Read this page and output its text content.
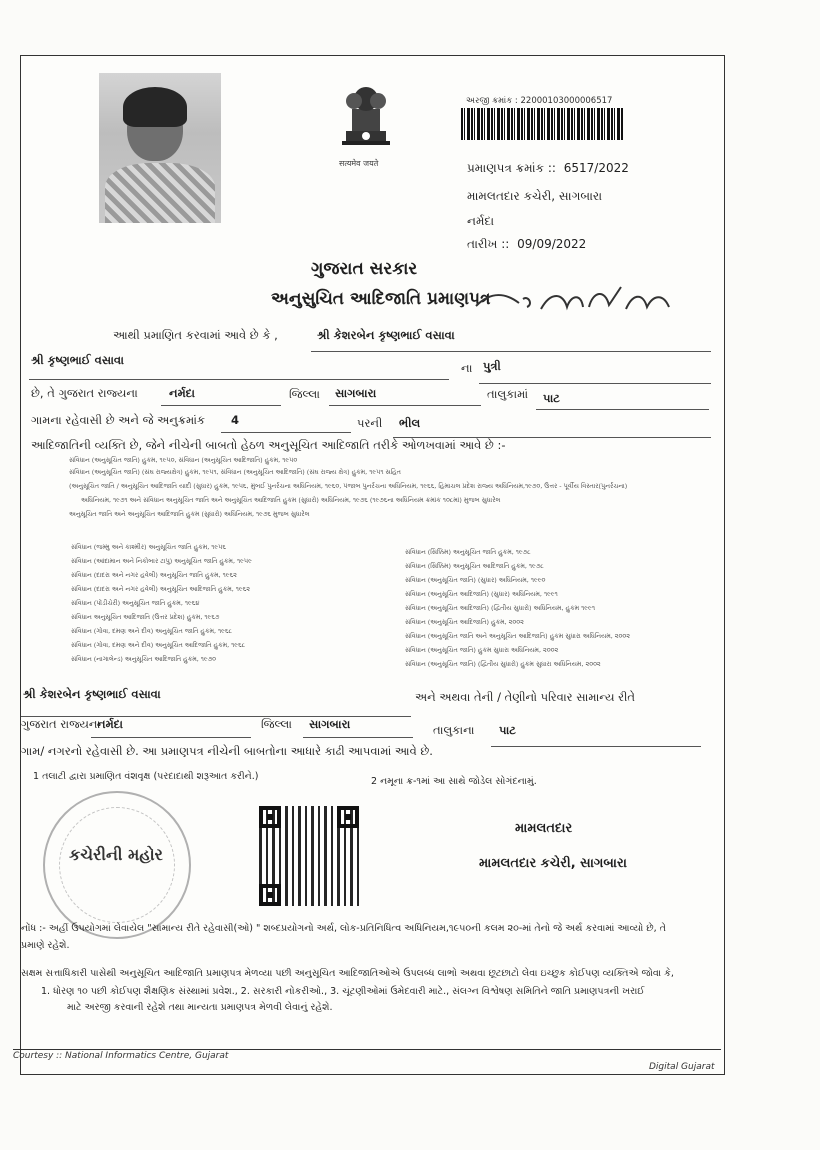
सत्यमेव जयते
અરજી ક્રમાંક : 22000103000006517
પ્રમાણપત્ર ક્રમાંક :: 6517/2022
મામલતદાર કચેરી, સાગબારા
નર્મદા
તારીખ :: 09/09/2022
ગુજરાત સરકાર
અનુસુચિત આદિજાતિ પ્રમાણપત્ર
આથી પ્રમાણિત કરવામાં આવે છે કે ,	શ્રી કેશરબેન કૃષ્ણભાઈ વસાવા
શ્રી કૃષ્ણભાઈ વસાવા
ના પુત્રી
છે, તે ગુજરાત રાજ્યના	નર્મદા	જિલ્લા સાગબારા	તાલુકામાં પાટ
ગામના રહેવાસી છે અને જે અનુક્રમાંક 4	પરની ભીલ
આદિજાતિની વ્યક્તિ છે, જેને નીચેની બાબતો હેઠળ અનુસૂચિત આદિજાતિ તરીકે ઓળખવામાં આવે છે :-
સંવિધાન (અનુસૂચિત જાતિ) હુકમ, ૧૯૫૦, સંવિધાન (અનુસૂચિત આદિજાતિ) હુકમ, ૧૯૫૦
સંવિધાન (અનુસૂચિત જાતિ) (સંઘ રાજ્યક્ષેત્ર) હુકમ, ૧૯૫૧, સંવિધાન (અનુસૂચિત આદિજાતિ) (સંઘ રાજ્ય ક્ષેત્ર) હુકમ, ૧૯૫૧ સહિત
(અનુસૂચિત જાતિ / અનુસૂચિત આદિજાતિ યાદી (સુધાર) હુકમ, ૧૯૫૬, મુંબઈ પુનર્રચના અધિનિયમ, ૧૯૬૦, પંજાબ પુનર્રચના અધિનિયમ, ૧૯૬૬, હિમાચલ પ્રદેશ રાજ્ય અધિનિયમ,૧૯૭૦, ઉત્તર - પૂર્વીય વિસ્તાર(પુનર્રચના)
અધિનિયમ, ૧૯૭૧ અને સંવિધાન અનુસૂચિત જાતિ અને અનુસૂચિત આદિજાતિ હુકમ (સુધારો) અધિનિયમ, ૧૯૭૬ (૧૯૭૬ના અધિનિયમ ક્રમાંક ૧૦૮માં) મુજબ સુધારેલ
અનુસૂચિત જાતિ અને અનુસૂચિત આદિજાતિ હુકમ (સુધારો) અધિનિયમ, ૧૯૭૬ મુજબ સુધારેલ
સંવિધાન (જમ્મુ અને કાશ્મીર) અનુસૂચિત જાતિ હુકમ, ૧૯૫૬
સંવિધાન (આંદામાન અને નિકોબાર ટાપુ) અનુસૂચિત જાતિ હુકમ, ૧૯૫૯
સંવિધાન (દાદરા અને નગર હવેલી) અનુસૂચિત જાતિ હુકમ, ૧૯૬૨
સંવિધાન (દાદરા અને નગર હવેલી) અનુસૂચિત આદિજાતિ હુકમ, ૧૯૬૨
સંવિધાન (પોંડીચેરી) અનુસૂચિત જાતિ હુકમ, ૧૯૬૪
સંવિધાન અનુસૂચિત આદિજાતિ (ઉત્તર પ્રદેશ) હુકમ, ૧૯૬૭
સંવિધાન (ગોવા, દમણ અને દીવ) અનુસૂચિત જાતિ હુકમ, ૧૯૬૮
સંવિધાન (ગોવા, દમણ અને દીવ) અનુસૂચિત આદિજાતિ હુકમ, ૧૯૬૮
સંવિધાન (નાગાલેન્ડ) અનુસૂચિત આદિજાતિ હુકમ, ૧૯૭૦
સંવિધાન (સિક્કિમ) અનુસૂચિત જાતિ હુકમ, ૧૯૭૮
સંવિધાન (સિક્કિમ) અનુસૂચિત આદિજાતિ હુકમ, ૧૯૭૮
સંવિધાન (અનુસૂચિત જાતિ) (સુધાર) અધિનિયમ, ૧૯૯૦
સંવિધાન (અનુસૂચિત આદિજાતિ) (સુધાર) અધિનિયમ, ૧૯૯૧
સંવિધાન (અનુસૂચિત આદિજાતિ) (દ્વિતીય સુધારો) અધિનિયમ, હુકમ ૧૯૯૧
સંવિધાન (અનુસૂચિત આદિજાતિ) હુકમ, ૨૦૦૨
સંવિધાન (અનુસૂચિત જાતિ અને અનુસૂચિત આદિજાતિ) હુકમ સુધારા અધિનિયમ, ૨૦૦૨
સંવિધાન (અનુસૂચિત જાતિ) હુકમ સુધારા અધિનિયમ, ૨૦૦૨
સંવિધાન (અનુસૂચિત જાતિ) (દ્વિતીય સુધારો) હુકમ સુધારા અધિનિયમ, ૨૦૦૨
શ્રી કેશરબેન કૃષ્ણભાઈ વસાવા	અને અથવા તેની / તેણીનો પરિવાર સામાન્ય રીતે
ગુજરાત રાજ્યના
નર્મદા	જિલ્લા સાગબારા	તાલુકાના પાટ
ગામ/ નગરનો રહેવાસી છે. આ પ્રમાણપત્ર નીચેની બાબતોના આધારે કાઢી આપવામાં આવે છે.
1 તલાટી દ્વારા પ્રમાણિત વંશવૃક્ષ (પરદાદાથી શરૂઆત કરીને.)	2 નમૂના ક્ર-૧માં આ સાથે જોડેલ સોગંદનામું.
કચેરીની મહોર
મામલતદાર
મામલતદાર કચેરી, સાગબારા
નોંધ :- અહીં ઉપયોગમાં લેવાયેલ "સામાન્ય રીતે રહેવાસી(ઓ) " શબ્દપ્રયોગનો અર્થ, લોક-પ્રતિનિધિત્વ અધિનિયમ,૧૯૫૦ની કલમ ૨૦-માં તેનો જે અર્થ કરવામાં આવ્યો છે, તે
પ્રમાણે રહેશે.
સક્ષમ સત્તાધિકારી પાસેથી અનુસૂચિત આદિજાતિ પ્રમાણપત્ર મેળવ્યા પછી અનુસૂચિત આદિજાતિઓએ ઉપલબ્ધ લાભો અથવા છૂટછાટો લેવા ઇચ્છુક કોઈપણ વ્યક્તિએ જોવા કે,
1. ધોરણ ૧૦ પછી કોઈપણ શૈક્ષણિક સંસ્થામાં પ્રવેશ., 2. સરકારી નોકરીઓ., 3. ચૂંટણીઓમાં ઉમેદવારી માટે., સંલગ્ન વિશ્વેષણ સમિતિને જાતિ પ્રમાણપત્રની ખરાઈ
માટે અરજી કરવાની રહેશે તથા માન્યતા પ્રમાણપત્ર મેળવી લેવાનું રહેશે.
Courtesy :: National Informatics Centre, Gujarat
Digital Gujarat
